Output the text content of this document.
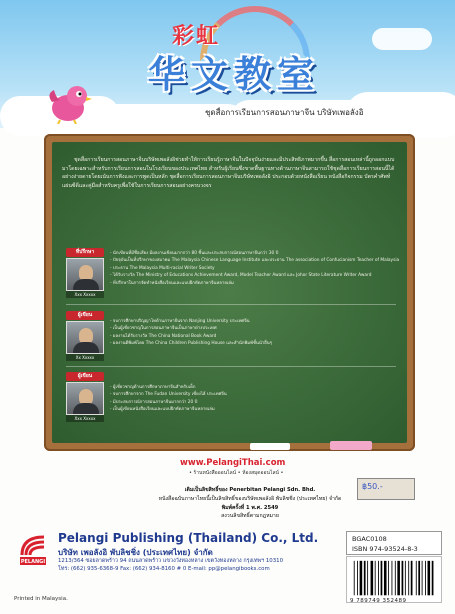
彩虹
华文教室
ชุดสื่อการเรียนการสอนภาษาจีน บริษัทเพอลังอิ

ชุดสื่อการเรียนการสอนภาษาจีนบริษัทเพอลังอิช่วยทำให้การเรียนรู้ภาษาจีนในปัจจุบันง่ายและมีประสิทธิภาพมากขึ้น สื่อการสอนเหล่านี้ถูกออกแบบมาโดยเฉพาะสำหรับการเรียนการสอนในโรงเรียนของประเทศไทย สำหรับผู้เรียนซึ่งขาดพื้นฐานทางด้านภาษาจีนสามารถใช้ชุดสื่อการเรียนการสอนนี้ได้อย่างง่ายดายโดยเน้นการฟังและการพูดเป็นหลัก ชุดสื่อการเรียนการสอนภาษาจีนบริษัทเพอลังอิ ประกอบด้วยหนังสือเรียน หนังสือกิจกรรม บัตรคำศัพท์ แผ่นซีดีและคู่มือสำหรับครูเพื่อใช้ในการเรียนการสอนอย่างครบวงจร

ที่ปรึกษา
Xxx Xxxxx
- นักเขียนที่มีชื่อเสียง มีผลงานเขียนมากกว่า 80 ชิ้นและประสบการณ์สอนภาษาจีนกว่า 30 ปี
- ปัจจุบันเป็นที่ปรึกษาของสมาคม The Malaysia Chinese Language Institute และประธาน The association of Confucianism Teacher of Malaysia
- ประธาน The Malaysia Multi-racial Writer Society
- ได้รับรางวัล The Ministry of Educations Achievement Award, Model Teacher Award และ Johor State Literature Writer Award
- ที่ปรึกษาในการจัดทำหนังสือเรียนและแบบฝึกหัดภาษาจีนหลายเล่ม
ผู้เขียน
Xx Xxxxx
- จบการศึกษาปริญญาโทด้านภาษาจีนจาก Nanjing University ประเทศจีน
- เป็นผู้เชี่ยวชาญในการสอนภาษาจีนเป็นภาษาต่างประเทศ
- ผลงานได้รับรางวัล The China National Book Award
- ผลงานตีพิมพ์โดย The China Children Publishing House และสำนักพิมพ์ชั้นนำอื่นๆ
ผู้เขียน
Xxx Xxxxx
- ผู้เชี่ยวชาญด้านการศึกษาภาษาจีนสำหรับเด็ก
- จบการศึกษาจาก The Fudan University เซี่ยงไฮ้ ประเทศจีน
- มีประสบการณ์การสอนภาษาจีนมากกว่า 20 ปี
- เป็นผู้เขียนหนังสือเรียนและแบบฝึกหัดภาษาจีนหลายเล่ม
www.PelangiThai.com
• ร้านหนังสือออนไลน์ • ห้องสมุดออนไลน์ •
เดิมเป็นลิขสิทธิ์ของ Penerbitan Pelangi Sdn. Bhd.
หนังสือฉบับภาษาไทยนี้เป็นลิขสิทธิ์ของบริษัทเพอลังอิ พับลิชชิ่ง (ประเทศไทย) จำกัด
พิมพ์ครั้งที่ 1 พ.ศ. 2549
สงวนลิขสิทธิ์ตามกฎหมาย
฿50.-
PELANGI
Pelangi Publishing (Thailand) Co., Ltd.
บริษัท เพอลังอิ พับลิชชิ่ง (ประเทศไทย) จำกัด
1213/364 ซอยลาดพร้าว 94 ถนนลาดพร้าว แขวงวังทองหลาง เขตวังทองหลาง กรุงเทพฯ 10310
โทร: (662) 935-6368-9 Fax: (662) 934-8160 # 0 E-mail: pp@pelangibooks.com
Printed in Malaysia.
BGAC0108
ISBN 974-93524-8-3
9 789749 352489
